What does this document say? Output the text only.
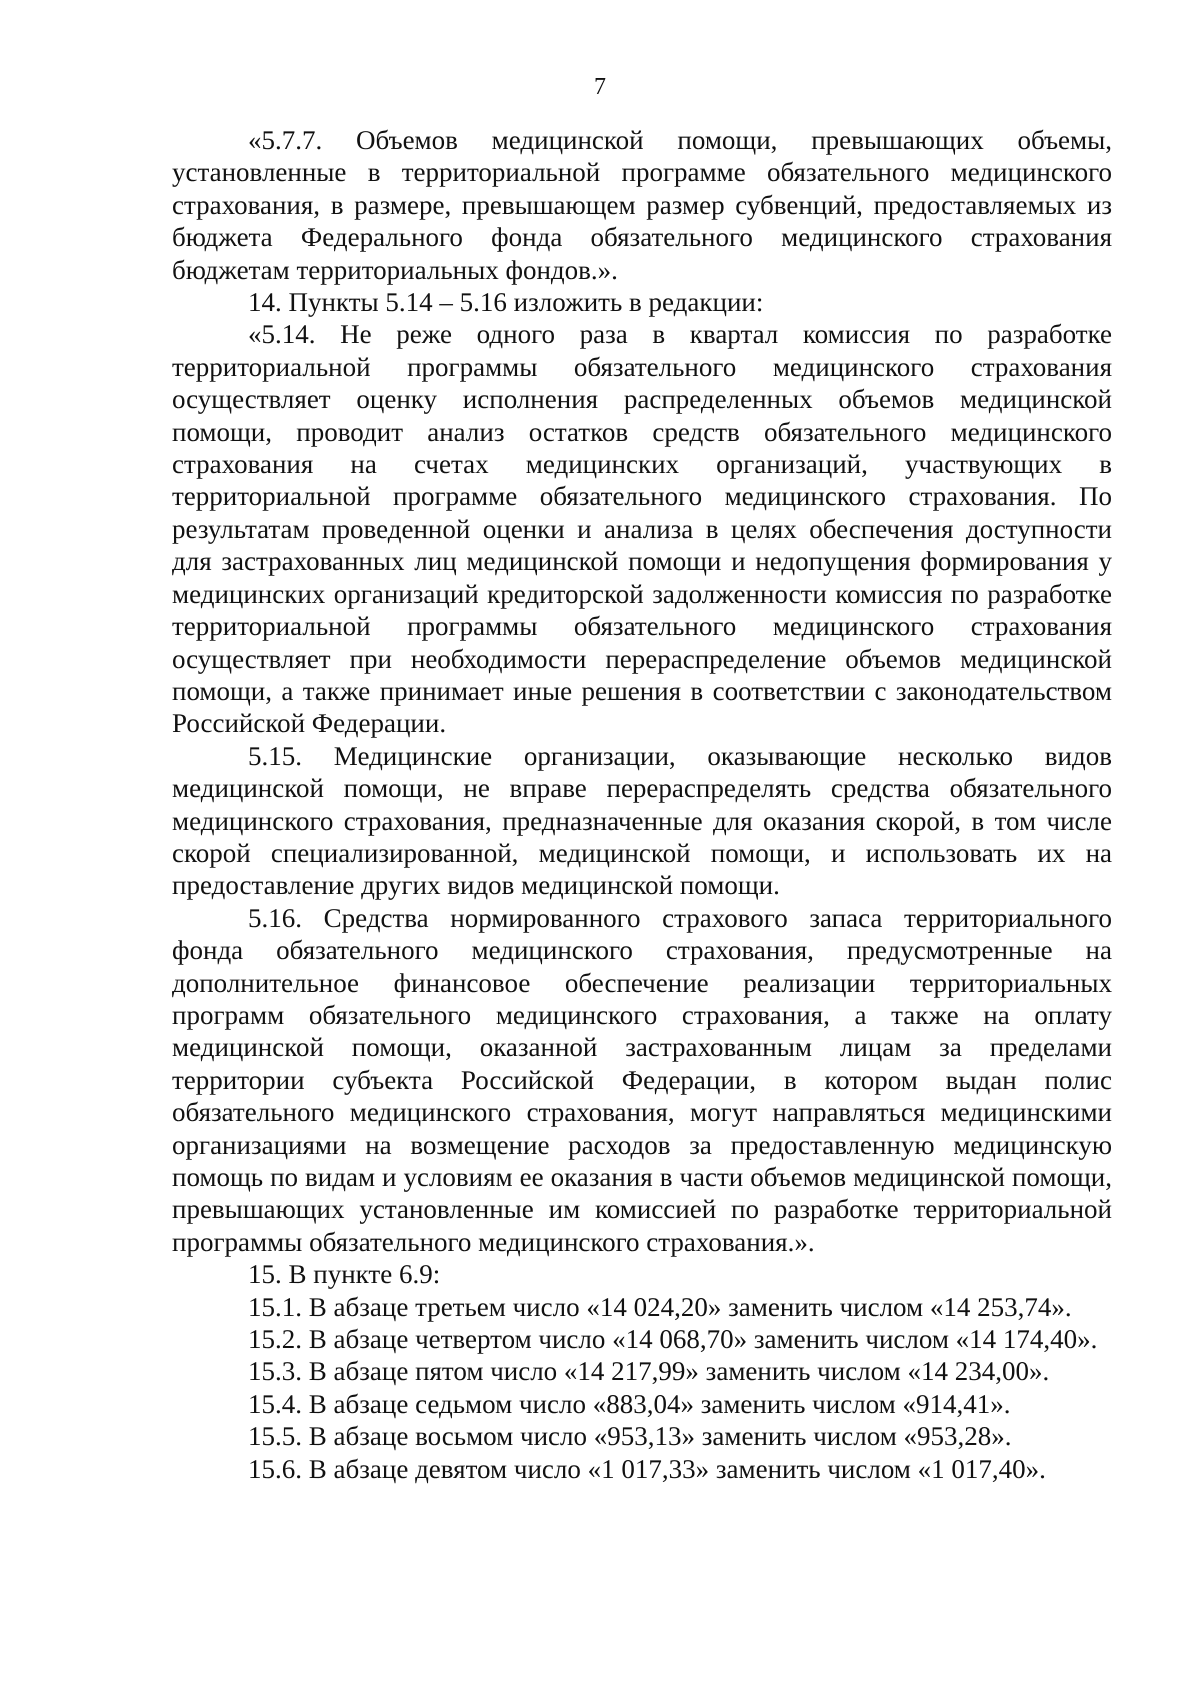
7

«5.7.7. Объемов медицинской помощи, превышающих объемы, установленные в территориальной программе обязательного медицинского страхования, в размере, превышающем размер субвенций, предоставляемых из бюджета Федерального фонда обязательного медицинского страхования бюджетам территориальных фондов.».

14. Пункты 5.14 – 5.16 изложить в редакции:

«5.14. Не реже одного раза в квартал комиссия по разработке территориальной программы обязательного медицинского страхования осуществляет оценку исполнения распределенных объемов медицинской помощи, проводит анализ остатков средств обязательного медицинского страхования на счетах медицинских организаций, участвующих в территориальной программе обязательного медицинского страхования. По результатам проведенной оценки и анализа в целях обеспечения доступности для застрахованных лиц медицинской помощи и недопущения формирования у медицинских организаций кредиторской задолженности комиссия по разработке территориальной программы обязательного медицинского страхования осуществляет при необходимости перераспределение объемов медицинской помощи, а также принимает иные решения в соответствии с законодательством Российской Федерации.

5.15. Медицинские организации, оказывающие несколько видов медицинской помощи, не вправе перераспределять средства обязательного медицинского страхования, предназначенные для оказания скорой, в том числе скорой специализированной, медицинской помощи, и использовать их на предоставление других видов медицинской помощи.

5.16. Средства нормированного страхового запаса территориального фонда обязательного медицинского страхования, предусмотренные на дополнительное финансовое обеспечение реализации территориальных программ обязательного медицинского страхования, а также на оплату медицинской помощи, оказанной застрахованным лицам за пределами территории субъекта Российской Федерации, в котором выдан полис обязательного медицинского страхования, могут направляться медицинскими организациями на возмещение расходов за предоставленную медицинскую помощь по видам и условиям ее оказания в части объемов медицинской помощи, превышающих установленные им комиссией по разработке территориальной программы обязательного медицинского страхования.».

15. В пункте 6.9:

15.1. В абзаце третьем число «14 024,20» заменить числом «14 253,74».

15.2. В абзаце четвертом число «14 068,70» заменить числом «14 174,40».

15.3. В абзаце пятом число «14 217,99» заменить числом «14 234,00».

15.4. В абзаце седьмом число «883,04» заменить числом «914,41».

15.5. В абзаце восьмом число «953,13» заменить числом «953,28».

15.6. В абзаце девятом число «1 017,33» заменить числом «1 017,40».
